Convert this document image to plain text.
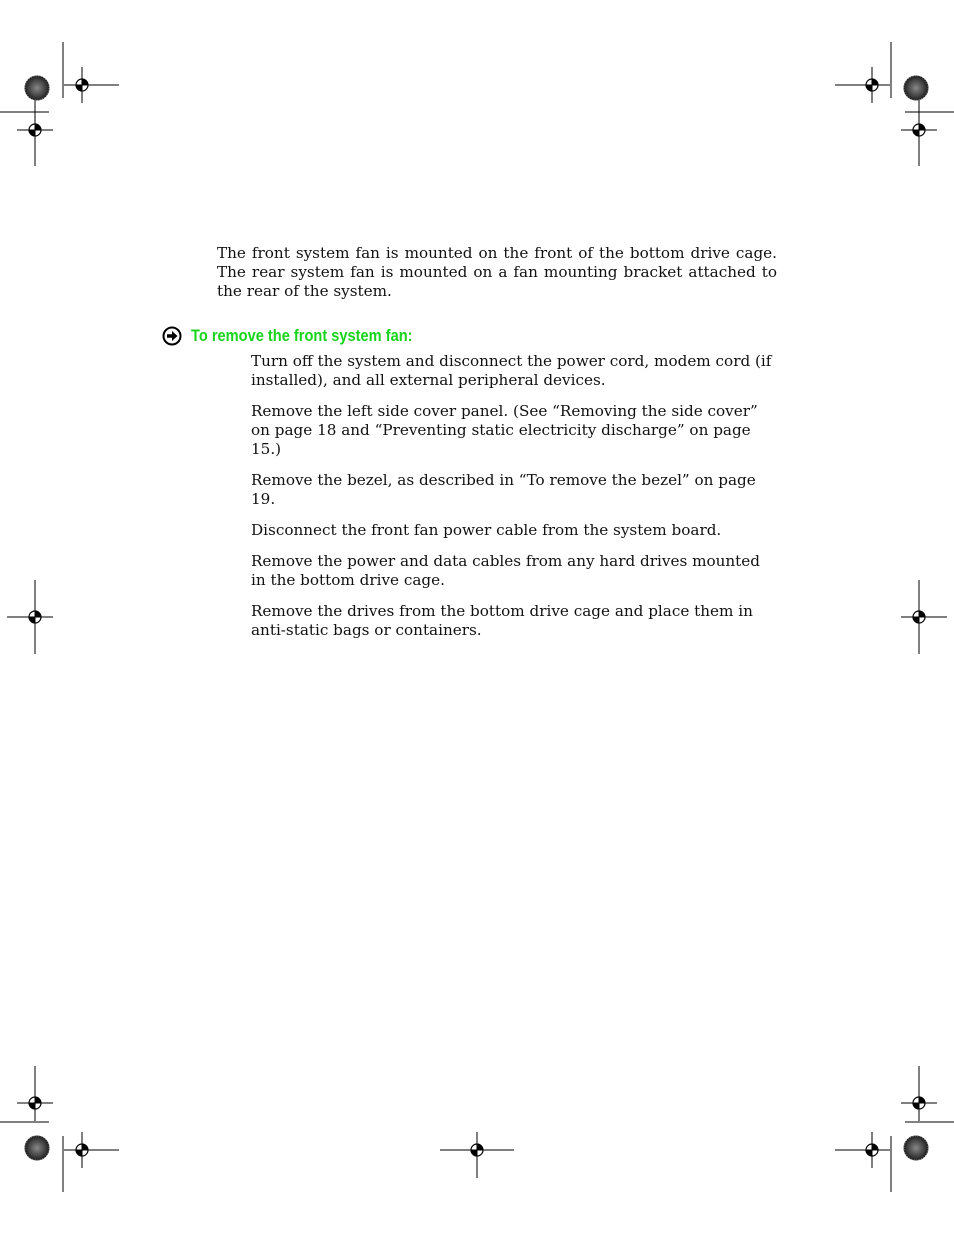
The front system fan is mounted on the front of the bottom drive cage. The rear system fan is mounted on a fan mounting bracket attached to the rear of the system.

To remove the front system fan:
Turn off the system and disconnect the power cord, modem cord (if installed), and all external peripheral devices.
Remove the left side cover panel. (See “Removing the side cover” on page 18 and “Preventing static electricity discharge” on page 15.)
Remove the bezel, as described in “To remove the bezel” on page 19.
Disconnect the front fan power cable from the system board.
Remove the power and data cables from any hard drives mounted in the bottom drive cage.
Remove the drives from the bottom drive cage and place them in anti-static bags or containers.
